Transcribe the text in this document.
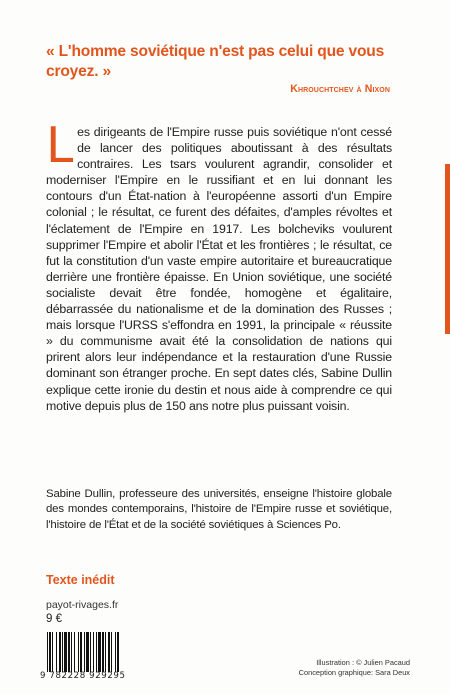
« L'homme soviétique n'est pas celui que vous croyez. »
Khrouchtchev à Nixon
Les dirigeants de l'Empire russe puis soviétique n'ont cessé de lancer des politiques aboutissant à des résultats contraires. Les tsars voulurent agrandir, consolider et moderniser l'Empire en le russifiant et en lui donnant les contours d'un État-nation à l'européenne assorti d'un Empire colonial ; le résultat, ce furent des défaites, d'amples révoltes et l'éclatement de l'Empire en 1917. Les bolcheviks voulurent supprimer l'Empire et abolir l'État et les frontières ; le résultat, ce fut la constitution d'un vaste empire autoritaire et bureaucratique derrière une frontière épaisse. En Union soviétique, une société socialiste devait être fondée, homogène et égalitaire, débarrassée du nationalisme et de la domination des Russes ; mais lorsque l'URSS s'effondra en 1991, la principale « réussite » du communisme avait été la consolidation de nations qui prirent alors leur indépendance et la restauration d'une Russie dominant son étranger proche. En sept dates clés, Sabine Dullin explique cette ironie du destin et nous aide à comprendre ce qui motive depuis plus de 150 ans notre plus puissant voisin.
Sabine Dullin, professeure des universités, enseigne l'histoire globale des mondes contemporains, l'histoire de l'Empire russe et soviétique, l'histoire de l'État et de la société soviétiques à Sciences Po.
Texte inédit
payot-rivages.fr
9 €
9 782228 929295
Illustration : © Julien Pacaud
Conception graphique: Sara Deux
